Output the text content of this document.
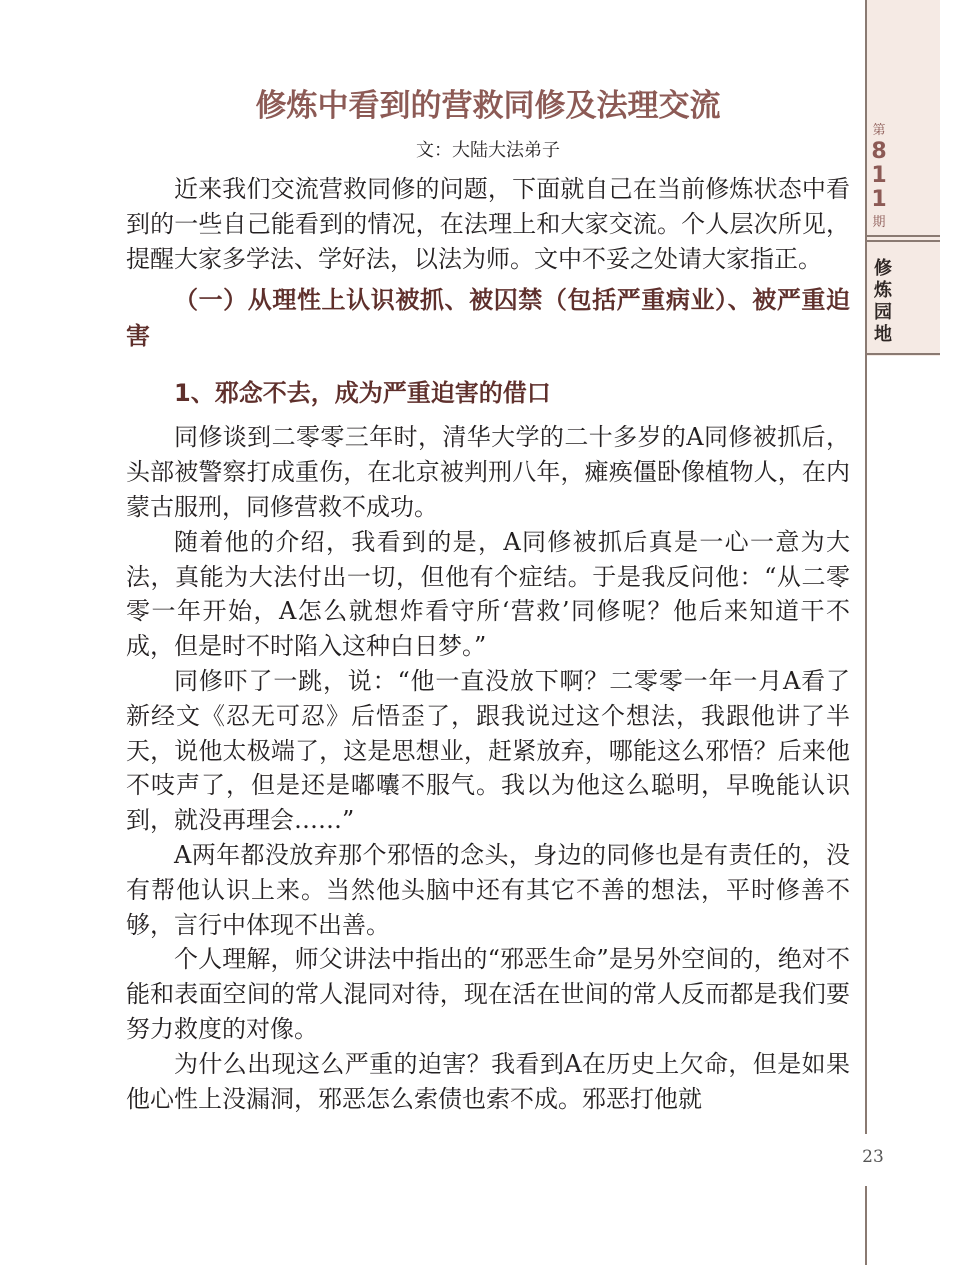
第
8
1
1
期
修
炼
园
地
23
修炼中看到的营救同修及法理交流
文：大陆大法弟子

近来我们交流营救同修的问题，下面就自己在当前修炼状态中看到的一些自己能看到的情况，在法理上和大家交流。个人层次所见，提醒大家多学法、学好法，以法为师。文中不妥之处请大家指正。

（一）从理性上认识被抓、被囚禁（包括严重病业）、被严重迫害
1、邪念不去，成为严重迫害的借口

同修谈到二零零三年时，清华大学的二十多岁的A同修被抓后，头部被警察打成重伤，在北京被判刑八年，瘫痪僵卧像植物人，在内蒙古服刑，同修营救不成功。

随着他的介绍，我看到的是，A同修被抓后真是一心一意为大法，真能为大法付出一切，但他有个症结。于是我反问他：“从二零零一年开始，A怎么就想炸看守所‘营救’同修呢？他后来知道干不成，但是时不时陷入这种白日梦。”

同修吓了一跳，说：“他一直没放下啊？二零零一年一月A看了新经文《忍无可忍》后悟歪了，跟我说过这个想法，我跟他讲了半天，说他太极端了，这是思想业，赶紧放弃，哪能这么邪悟？后来他不吱声了，但是还是嘟囔不服气。我以为他这么聪明，早晚能认识到，就没再理会……”

A两年都没放弃那个邪悟的念头，身边的同修也是有责任的，没有帮他认识上来。当然他头脑中还有其它不善的想法，平时修善不够，言行中体现不出善。

个人理解，师父讲法中指出的“邪恶生命”是另外空间的，绝对不能和表面空间的常人混同对待，现在活在世间的常人反而都是我们要努力救度的对像。

为什么出现这么严重的迫害？我看到A在历史上欠命，但是如果他心性上没漏洞，邪恶怎么索债也索不成。邪恶打他就
